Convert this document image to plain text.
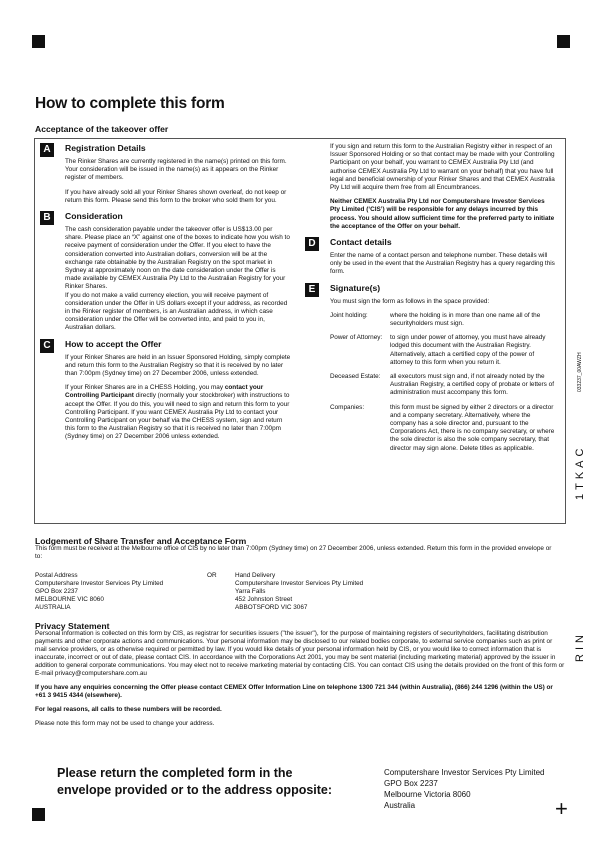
+
How to complete this form
Acceptance of the takeover offer
A	Registration Details

The Rinker Shares are currently registered in the name(s) printed on this form. Your consideration will be issued in the name(s) as it appears on the Rinker register of members.

If you have already sold all your Rinker Shares shown overleaf, do not keep or return this form. Please send this form to the broker who sold them for you.

B	Consideration

The cash consideration payable under the takeover offer is US$13.00 per share. Please place an “X” against one of the boxes to indicate how you wish to receive payment of consideration under the Offer. If you elect to have the consideration converted into Australian dollars, conversion will be at the exchange rate obtainable by the Australian Registry on the spot market in Sydney at approximately noon on the date consideration under the Offer is made available by CEMEX Australia Pty Ltd to the Australian Registry for your Rinker Shares.

If you do not make a valid currency election, you will receive payment of consideration under the Offer in US dollars except if your address, as recorded in the Rinker register of members, is an Australian address, in which case consideration under the Offer will be converted into, and paid to you in, Australian dollars.

C	How to accept the Offer

If your Rinker Shares are held in an Issuer Sponsored Holding, simply complete and return this form to the Australian Registry so that it is received by no later than 7:00pm (Sydney time) on 27 December 2006, unless extended.

If your Rinker Shares are in a CHESS Holding, you may contact your Controlling Participant directly (normally your stockbroker) with instructions to accept the Offer. If you do this, you will need to sign and return this form to your Controlling Participant. If you want CEMEX Australia Pty Ltd to contact your Controlling Participant on your behalf via the CHESS system, sign and return this form to the Australian Registry so that it is received no later than 7:00pm (Sydney time) on 27 December 2006 unless extended.

If you sign and return this form to the Australian Registry either in respect of an Issuer Sponsored Holding or so that contact may be made with your Controlling Participant on your behalf, you warrant to CEMEX Australia Pty Ltd (and authorise CEMEX Australia Pty Ltd to warrant on your behalf) that you have full legal and beneficial ownership of your Rinker Shares and that CEMEX Australia Pty Ltd will acquire them free from all Encumbrances.

Neither CEMEX Australia Pty Ltd nor Computershare Investor Services Pty Limited (‘CIS’) will be responsible for any delays incurred by this process. You should allow sufficient time for the preferred party to initiate the acceptance of the Offer on your behalf.

D	Contact details

Enter the name of a contact person and telephone number. These details will only be used in the event that the Australian Registry has a query regarding this form.

E	Signature(s)

You must sign the form as follows in the space provided:

Joint holding:	where the holding is in more than one name all of the securityholders must sign.
Power of Attorney:	to sign under power of attorney, you must have already lodged this document with the Australian Registry. Alternatively, attach a certified copy of the power of attorney to this form when you return it.
Deceased Estate:	all executors must sign and, if not already noted by the Australian Registry, a certified copy of probate or letters of administration must accompany this form.
Companies:	this form must be signed by either 2 directors or a director and a company secretary. Alternatively, where the company has a sole director and, pursuant to the Corporations Act, there is no company secretary, or where the sole director is also the sole company secretary, that director may sign alone. Delete titles as applicable.
033237_00AWZH
1TKAC
RIN
Lodgement of Share Transfer and Acceptance Form
This form must be received at the Melbourne office of CIS by no later than 7:00pm (Sydney time) on 27 December 2006, unless extended. Return this form in the provided envelope or to:
Postal Address
Computershare Investor Services Pty Limited
GPO Box 2237
MELBOURNE VIC 8060
AUSTRALIA
OR	Hand Delivery
Computershare Investor Services Pty Limited
Yarra Falls
452 Johnston Street
ABBOTSFORD VIC 3067
Privacy Statement
Personal information is collected on this form by CIS, as registrar for securities issuers ("the issuer"), for the purpose of maintaining registers of securityholders, facilitating distribution payments and other corporate actions and communications. Your personal information may be disclosed to our related bodies corporate, to external service companies such as print or mail service providers, or as otherwise required or permitted by law. If you would like details of your personal information held by CIS, or you would like to correct information that is inaccurate, incorrect or out of date, please contact CIS. In accordance with the Corporations Act 2001, you may be sent material (including marketing material) approved by the issuer in addition to general corporate communications. You may elect not to receive marketing material by contacting CIS. You can contact CIS using the details provided on the front of this form or E-mail privacy@computershare.com.au
If you have any enquiries concerning the Offer please contact CEMEX Offer Information Line on telephone 1300 721 344 (within Australia), (866) 244 1296 (within the US) or +61 3 9415 4344 (elsewhere).
For legal reasons, all calls to these numbers will be recorded.
Please note this form may not be used to change your address.
Please return the completed form in the
envelope provided or to the address opposite:
Computershare Investor Services Pty Limited
GPO Box 2237
Melbourne Victoria 8060
Australia
